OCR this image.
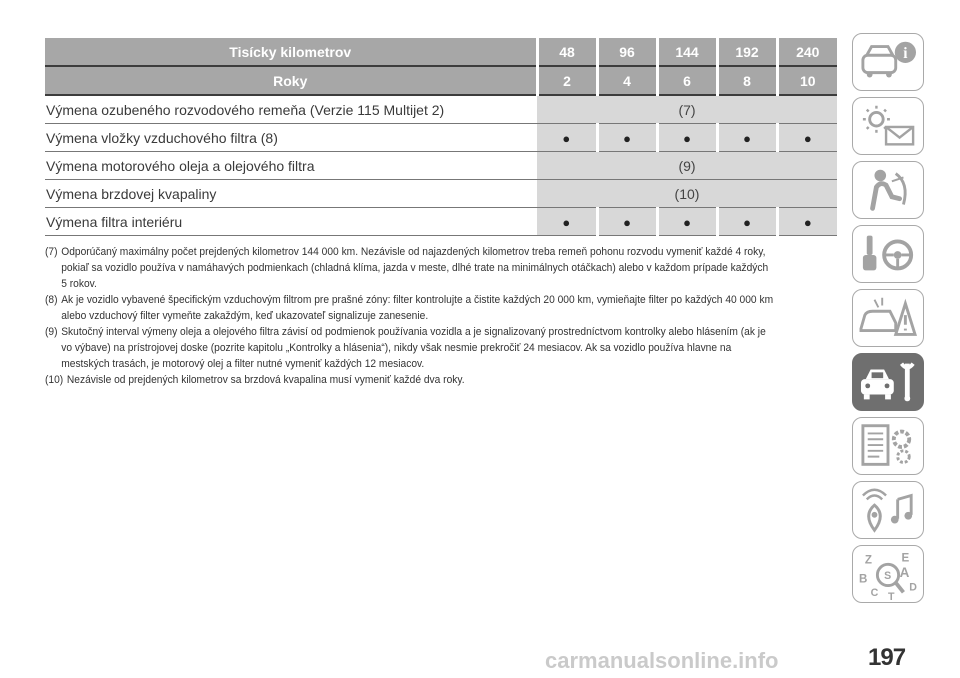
Tisícky kilometrov	48	96	144	192	240
Roky	2	4	6	8	10
Výmena ozubeného rozvodového remeňa (Verzie 115 Multijet 2)	(7)				
Výmena vložky vzduchového filtra (8)	●	●	●	●	●
Výmena motorového oleja a olejového filtra	(9)				
Výmena brzdovej kvapaliny	(10)				
Výmena filtra interiéru	●	●	●	●	●
(7) Odporúčaný maximálny počet prejdených kilometrov 144 000 km. Nezávisle od najazdených kilometrov treba remeň pohonu rozvodu vymeniť každé 4 roky, pokiaľ sa vozidlo používa v namáhavých podmienkach (chladná klíma, jazda v meste, dlhé trate na minimálnych otáčkach) alebo v každom prípade každých 5 rokov.
(8) Ak je vozidlo vybavené špecifickým vzduchovým filtrom pre prašné zóny: filter kontrolujte a čistite každých 20 000 km, vymieňajte filter po každých 40 000 km alebo vzduchový filter vymeňte zakaždým, keď ukazovateľ signalizuje zanesenie.
(9) Skutočný interval výmeny oleja a olejového filtra závisí od podmienok používania vozidla a je signalizovaný prostredníctvom kontrolky alebo hlásením (ak je vo výbave) na prístrojovej doske (pozrite kapitolu „Kontrolky a hlásenia“), nikdy však nesmie prekročiť 24 mesiacov. Ak sa vozidlo používa hlavne na mestských trasách, je motorový olej a filter nutné vymeniť každých 12 mesiacov.
(10) Nezávisle od prejdených kilometrov sa brzdová kvapalina musí vymeniť každé dva roky.
i
Z E
B A
C
S
T
D
carmanualsonline.info	197
